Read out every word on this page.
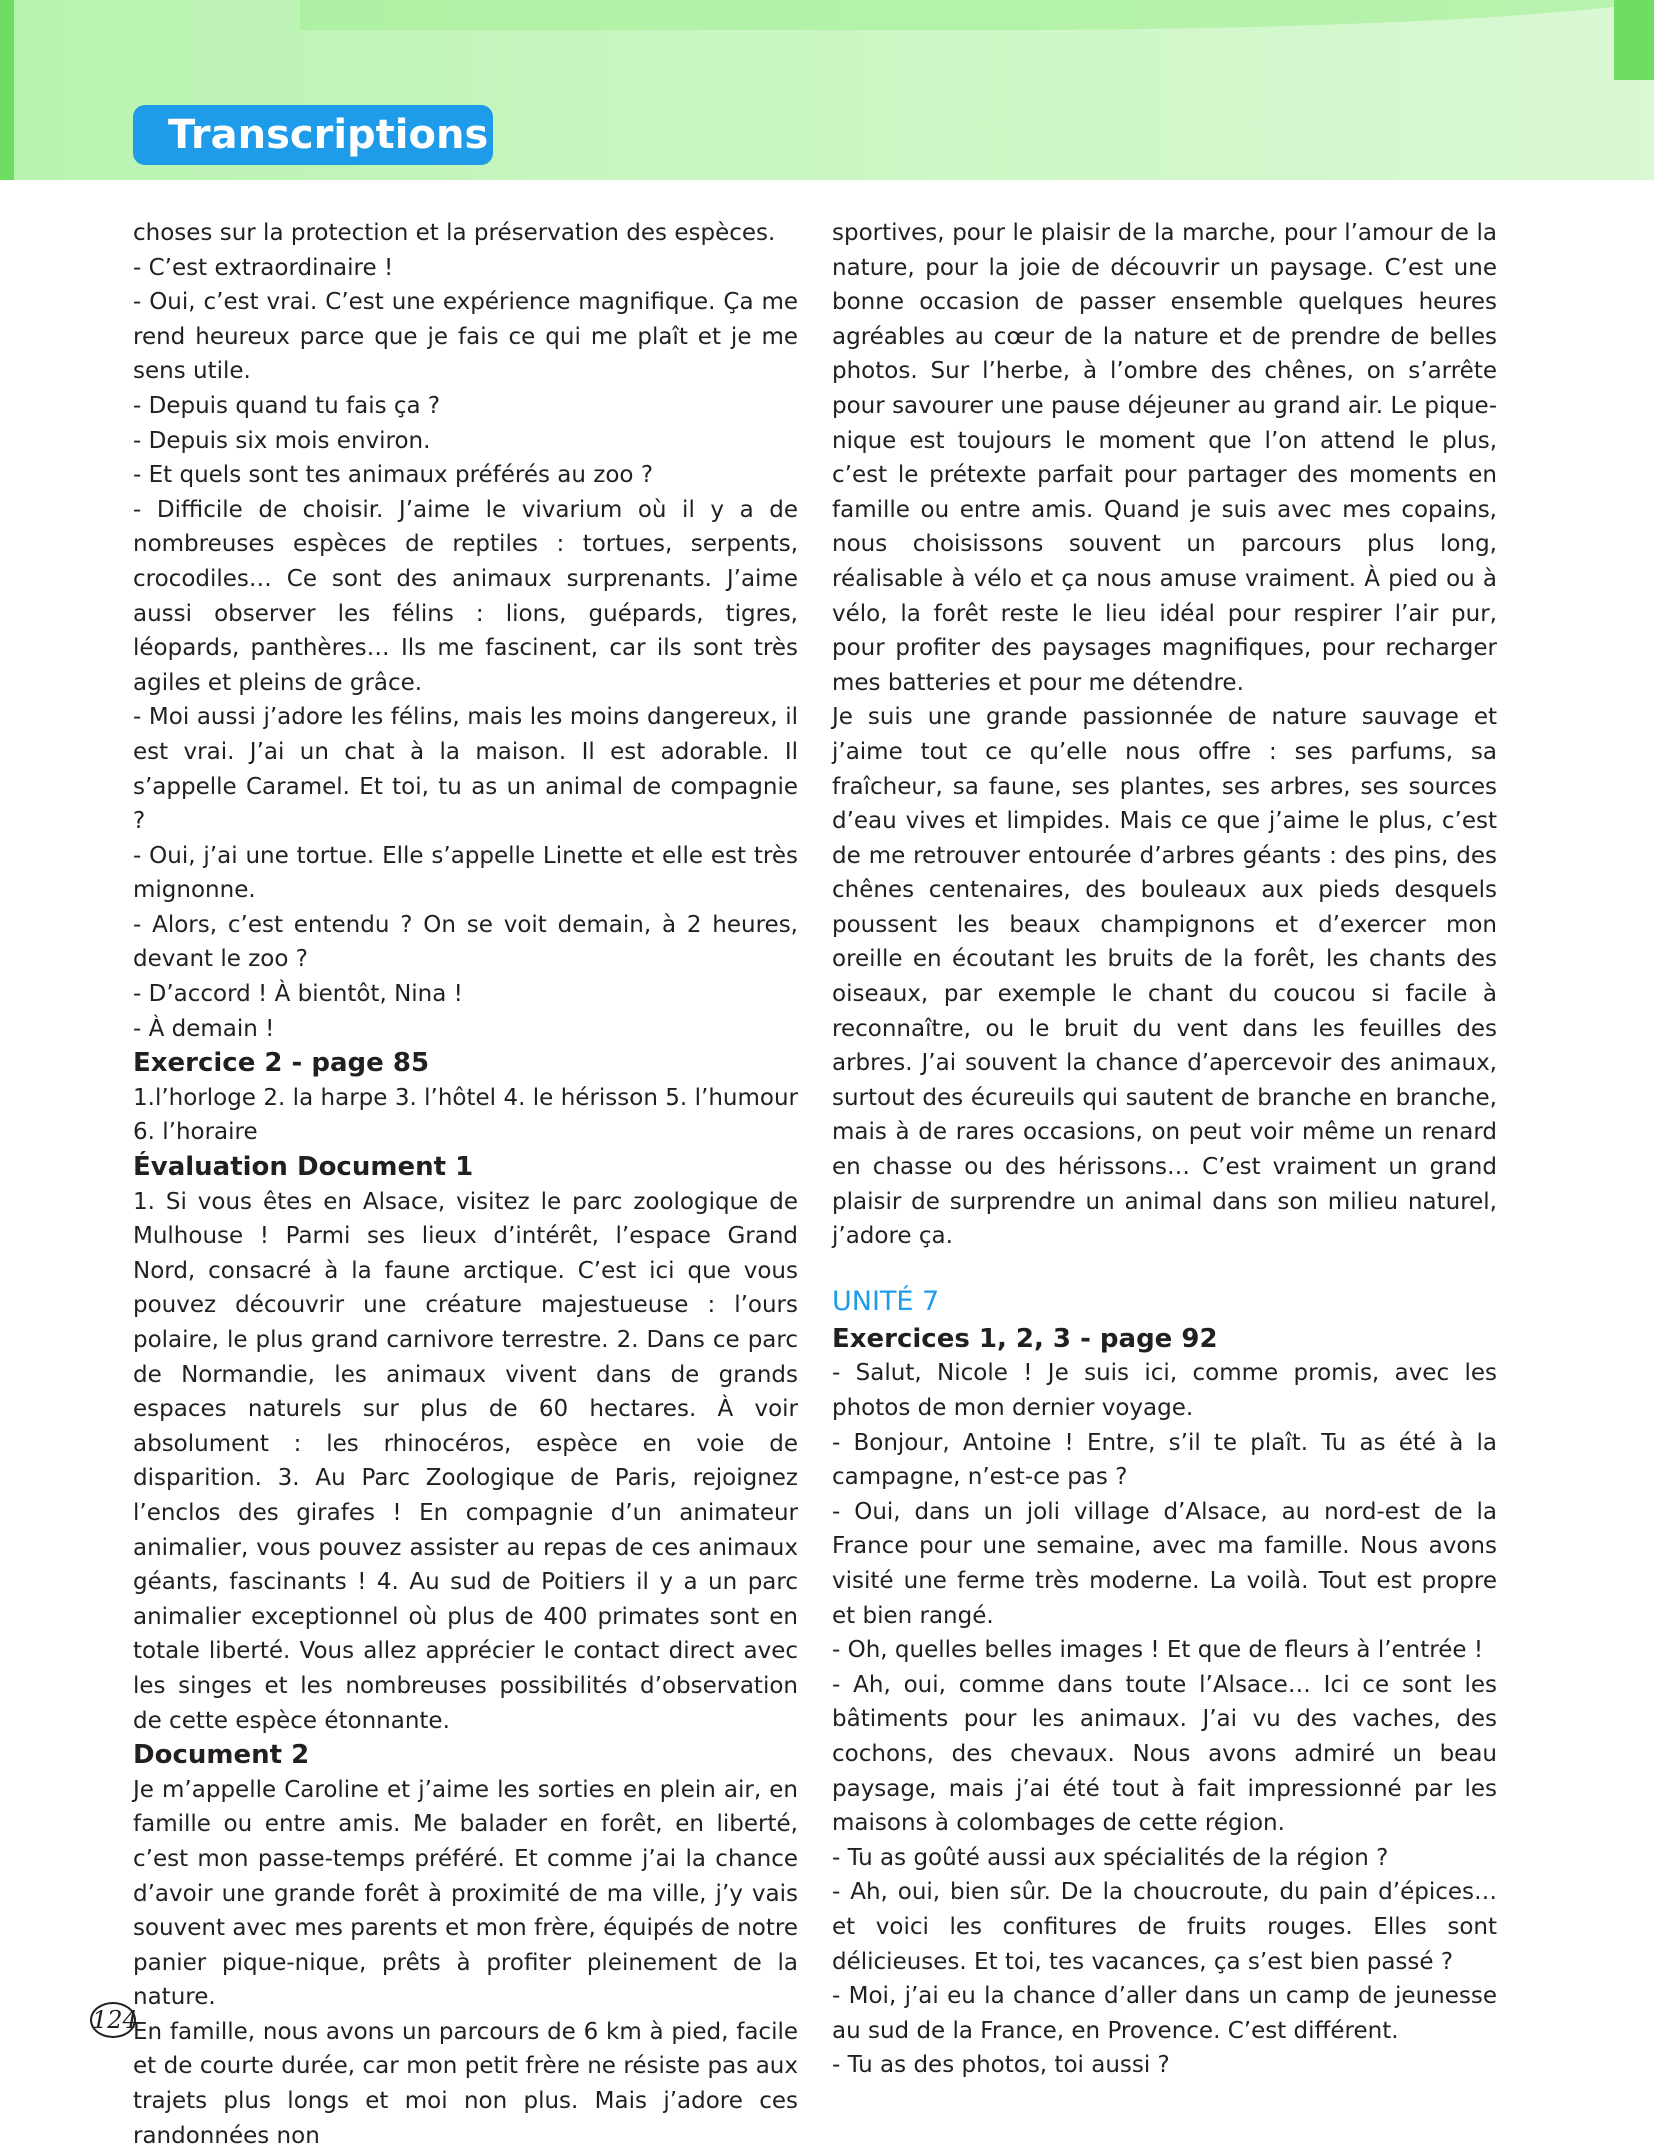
Transcriptions

choses sur la protection et la préservation des espèces.

- C’est extraordinaire !

- Oui, c’est vrai. C’est une expérience magnifique. Ça me rend heureux parce que je fais ce qui me plaît et je me sens utile.

- Depuis quand tu fais ça ?

- Depuis six mois environ.

- Et quels sont tes animaux préférés au zoo ?

- Difficile de choisir. J’aime le vivarium où il y a de nombreuses espèces de reptiles : tortues, serpents, crocodiles… Ce sont des animaux surprenants. J’aime aussi observer les félins : lions, guépards, tigres, léopards, panthères… Ils me fascinent, car ils sont très agiles et pleins de grâce.

- Moi aussi j’adore les félins, mais les moins dangereux, il est vrai. J’ai un chat à la maison. Il est adorable. Il s’appelle Caramel. Et toi, tu as un animal de compagnie ?

- Oui, j’ai une tortue. Elle s’appelle Linette et elle est très mignonne.

- Alors, c’est entendu ? On se voit demain, à 2 heures, devant le zoo ?

- D’accord ! À bientôt, Nina !

- À demain !

Exercice 2 - page 85

1.l’horloge 2. la harpe 3. l’hôtel 4. le hérisson 5. l’humour 6. l’horaire

Évaluation Document 1

1. Si vous êtes en Alsace, visitez le parc zoologique de Mulhouse ! Parmi ses lieux d’intérêt, l’espace Grand Nord, consacré à la faune arctique. C’est ici que vous pouvez découvrir une créature majestueuse : l’ours polaire, le plus grand carnivore terrestre. 2. Dans ce parc de Normandie, les animaux vivent dans de grands espaces naturels sur plus de 60 hectares. À voir absolument : les rhinocéros, espèce en voie de disparition. 3. Au Parc Zoologique de Paris, rejoignez l’enclos des girafes ! En compagnie d’un animateur animalier, vous pouvez assister au repas de ces animaux géants, fascinants ! 4. Au sud de Poitiers il y a un parc animalier exceptionnel où plus de 400 primates sont en totale liberté. Vous allez apprécier le contact direct avec les singes et les nombreuses possibilités d’observation de cette espèce étonnante.

Document 2

Je m’appelle Caroline et j’aime les sorties en plein air, en famille ou entre amis. Me balader en forêt, en liberté, c’est mon passe-temps préféré. Et comme j’ai la chance d’avoir une grande forêt à proximité de ma ville, j’y vais souvent avec mes parents et mon frère, équipés de notre panier pique-nique, prêts à profiter pleinement de la nature.

En famille, nous avons un parcours de 6 km à pied, facile et de courte durée, car mon petit frère ne résiste pas aux trajets plus longs et moi non plus. Mais j’adore ces randonnées non

sportives, pour le plaisir de la marche, pour l’amour de la nature, pour la joie de découvrir un paysage. C’est une bonne occasion de passer ensemble quelques heures agréables au cœur de la nature et de prendre de belles photos. Sur l’herbe, à l’ombre des chênes, on s’arrête pour savourer une pause déjeuner au grand air. Le pique-nique est toujours le moment que l’on attend le plus, c’est le prétexte parfait pour partager des moments en famille ou entre amis. Quand je suis avec mes copains, nous choisissons souvent un parcours plus long, réalisable à vélo et ça nous amuse vraiment. À pied ou à vélo, la forêt reste le lieu idéal pour respirer l’air pur, pour profiter des paysages magnifiques, pour recharger mes batteries et pour me détendre.

Je suis une grande passionnée de nature sauvage et j’aime tout ce qu’elle nous offre : ses parfums, sa fraîcheur, sa faune, ses plantes, ses arbres, ses sources d’eau vives et limpides. Mais ce que j’aime le plus, c’est de me retrouver entourée d’arbres géants : des pins, des chênes centenaires, des bouleaux aux pieds desquels poussent les beaux champignons et d’exercer mon oreille en écoutant les bruits de la forêt, les chants des oiseaux, par exemple le chant du coucou si facile à reconnaître, ou le bruit du vent dans les feuilles des arbres. J’ai souvent la chance d’apercevoir des animaux, surtout des écureuils qui sautent de branche en branche, mais à de rares occasions, on peut voir même un renard en chasse ou des hérissons… C’est vraiment un grand plaisir de surprendre un animal dans son milieu naturel, j’adore ça.

UNITÉ 7

Exercices 1, 2, 3 - page 92

- Salut, Nicole ! Je suis ici, comme promis, avec les photos de mon dernier voyage.

- Bonjour, Antoine ! Entre, s’il te plaît. Tu as été à la campagne, n’est-ce pas ?

- Oui, dans un joli village d’Alsace, au nord-est de la France pour une semaine, avec ma famille. Nous avons visité une ferme très moderne. La voilà. Tout est propre et bien rangé.

- Oh, quelles belles images ! Et que de fleurs à l’entrée !

- Ah, oui, comme dans toute l’Alsace… Ici ce sont les bâtiments pour les animaux. J’ai vu des vaches, des cochons, des chevaux. Nous avons admiré un beau paysage, mais j’ai été tout à fait impressionné par les maisons à colombages de cette région.

- Tu as goûté aussi aux spécialités de la région ?

- Ah, oui, bien sûr. De la choucroute, du pain d’épices… et voici les confitures de fruits rouges. Elles sont délicieuses. Et toi, tes vacances, ça s’est bien passé ?

- Moi, j’ai eu la chance d’aller dans un camp de jeunesse au sud de la France, en Provence. C’est différent.

- Tu as des photos, toi aussi ?

124
